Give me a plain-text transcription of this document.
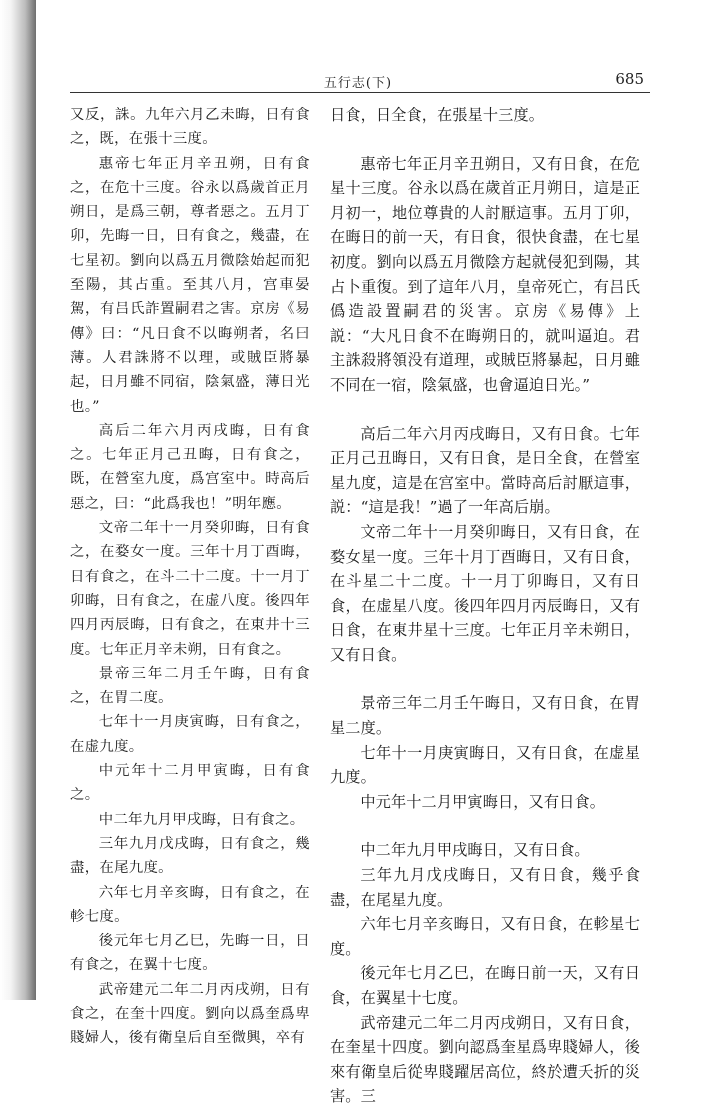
五行志(下)	685

又反，誅。九年六月乙未晦，日有食之，既，在張十三度。

惠帝七年正月辛丑朔，日有食之，在危十三度。谷永以爲歲首正月朔日，是爲三朝，尊者惡之。五月丁卯，先晦一日，日有食之，幾盡，在七星初。劉向以爲五月微陰始起而犯至陽，其占重。至其八月，宫車晏駕，有吕氏詐置嗣君之害。京房《易傳》曰：“凡日食不以晦朔者，名曰薄。人君誅將不以理，或賊臣將暴起，日月雖不同宿，陰氣盛，薄日光也。”

高后二年六月丙戌晦，日有食之。七年正月己丑晦，日有食之，既，在營室九度，爲宫室中。時高后惡之，曰：“此爲我也！”明年應。

文帝二年十一月癸卯晦，日有食之，在婺女一度。三年十月丁酉晦，日有食之，在斗二十二度。十一月丁卯晦，日有食之，在虚八度。後四年四月丙辰晦，日有食之，在東井十三度。七年正月辛未朔，日有食之。

景帝三年二月壬午晦，日有食之，在胃二度。

七年十一月庚寅晦，日有食之，在虚九度。

中元年十二月甲寅晦，日有食之。

中二年九月甲戌晦，日有食之。

三年九月戊戌晦，日有食之，幾盡，在尾九度。

六年七月辛亥晦，日有食之，在軫七度。

後元年七月乙巳，先晦一日，日有食之，在翼十七度。

武帝建元二年二月丙戌朔，日有食之，在奎十四度。劉向以爲奎爲卑賤婦人，後有衛皇后自至微興，卒有

日食，日全食，在張星十三度。

惠帝七年正月辛丑朔日，又有日食，在危星十三度。谷永以爲在歲首正月朔日，這是正月初一，地位尊貴的人討厭這事。五月丁卯，在晦日的前一天，有日食，很快食盡，在七星初度。劉向以爲五月微陰方起就侵犯到陽，其占卜重復。到了這年八月，皇帝死亡，有吕氏僞造設置嗣君的災害。京房《易傳》上説：“大凡日食不在晦朔日的，就叫逼迫。君主誅殺將領没有道理，或賊臣將暴起，日月雖不同在一宿，陰氣盛，也會逼迫日光。”

高后二年六月丙戌晦日，又有日食。七年正月己丑晦日，又有日食，是日全食，在營室星九度，這是在宫室中。當時高后討厭這事，説：“這是我！”過了一年高后崩。

文帝二年十一月癸卯晦日，又有日食，在婺女星一度。三年十月丁酉晦日，又有日食，在斗星二十二度。十一月丁卯晦日，又有日食，在虚星八度。後四年四月丙辰晦日，又有日食，在東井星十三度。七年正月辛未朔日，又有日食。

景帝三年二月壬午晦日，又有日食，在胃星二度。

七年十一月庚寅晦日，又有日食，在虚星九度。

中元年十二月甲寅晦日，又有日食。

中二年九月甲戌晦日，又有日食。

三年九月戊戌晦日，又有日食，幾乎食盡，在尾星九度。

六年七月辛亥晦日，又有日食，在軫星七度。

後元年七月乙巳，在晦日前一天，又有日食，在翼星十七度。

武帝建元二年二月丙戌朔日，又有日食，在奎星十四度。劉向認爲奎星爲卑賤婦人，後來有衛皇后從卑賤躍居高位，終於遭夭折的災害。三
